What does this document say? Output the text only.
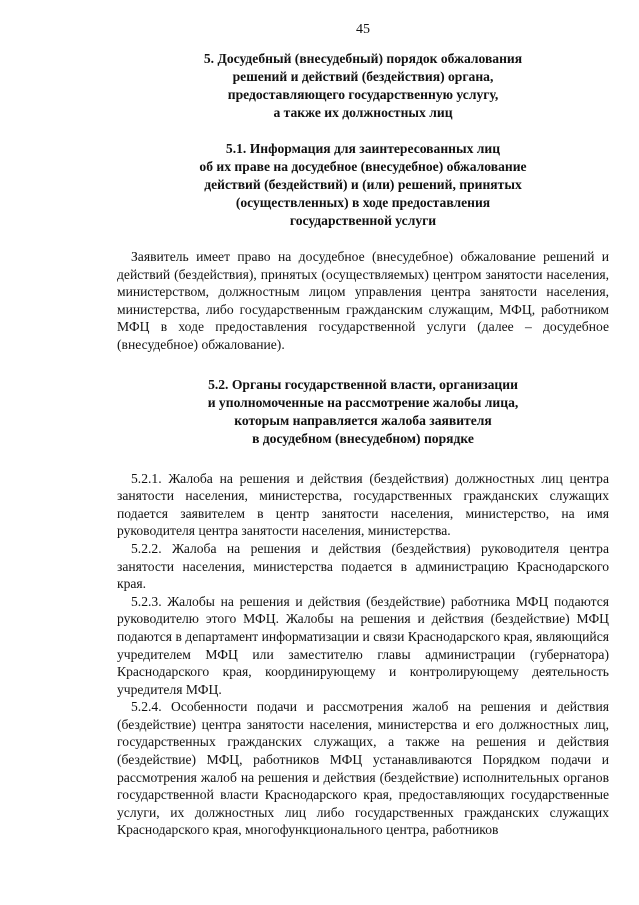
45
5. Досудебный (внесудебный) порядок обжалования
решений и действий (бездействия) органа,
предоставляющего государственную услугу,
а также их должностных лиц
5.1. Информация для заинтересованных лиц
об их праве на досудебное (внесудебное) обжалование
действий (бездействий) и (или) решений, принятых
(осуществленных) в ходе предоставления
государственной услуги

Заявитель имеет право на досудебное (внесудебное) обжалование решений и действий (бездействия), принятых (осуществляемых) центром занятости населения, министерством, должностным лицом управления центра занятости населения, министерства, либо государственным гражданским служащим, МФЦ, работником МФЦ в ходе предоставления государственной услуги (далее – досудебное (внесудебное) обжалование).

5.2. Органы государственной власти, организации
и уполномоченные на рассмотрение жалобы лица,
которым направляется жалоба заявителя
в досудебном (внесудебном) порядке

5.2.1. Жалоба на решения и действия (бездействия) должностных лиц центра занятости населения, министерства, государственных гражданских служащих подается заявителем в центр занятости населения, министерство, на имя руководителя центра занятости населения, министерства.

5.2.2. Жалоба на решения и действия (бездействия) руководителя центра занятости населения, министерства подается в администрацию Краснодарского края.

5.2.3. Жалобы на решения и действия (бездействие) работника МФЦ подаются руководителю этого МФЦ. Жалобы на решения и действия (бездействие) МФЦ подаются в департамент информатизации и связи Краснодарского края, являющийся учредителем МФЦ или заместителю главы администрации (губернатора) Краснодарского края, координирующему и контролирующему деятельность учредителя МФЦ.

5.2.4. Особенности подачи и рассмотрения жалоб на решения и действия (бездействие) центра занятости населения, министерства и его должностных лиц, государственных гражданских служащих, а также на решения и действия (бездействие) МФЦ, работников МФЦ устанавливаются Порядком подачи и рассмотрения жалоб на решения и действия (бездействие) исполнительных органов государственной власти Краснодарского края, предоставляющих государственные услуги, их должностных лиц либо государственных гражданских служащих Краснодарского края, многофункционального центра, работников
